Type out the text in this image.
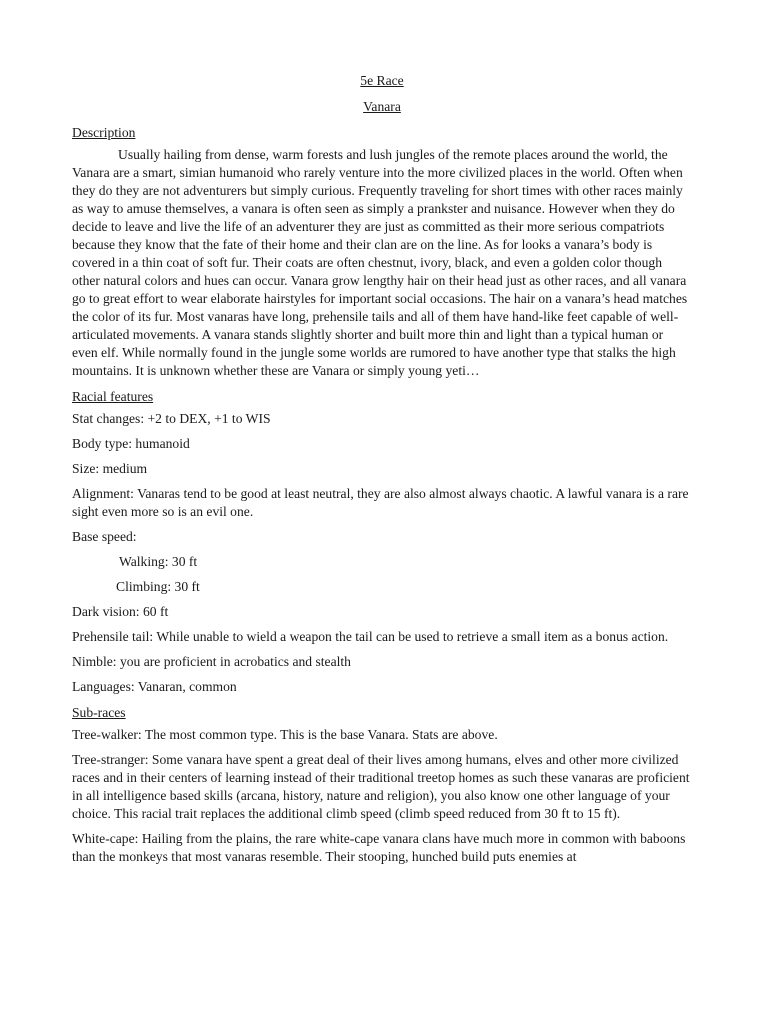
5e Race

Vanara

Description

Usually hailing from dense, warm forests and lush jungles of the remote places around the world, the Vanara are a smart, simian humanoid who rarely venture into the more civilized places in the world. Often when they do they are not adventurers but simply curious. Frequently traveling for short times with other races mainly as way to amuse themselves, a vanara is often seen as simply a prankster and nuisance. However when they do decide to leave and live the life of an adventurer they are just as committed as their more serious compatriots because they know that the fate of their home and their clan are on the line. As for looks a vanara’s body is covered in a thin coat of soft fur. Their coats are often chestnut, ivory, black, and even a golden color though other natural colors and hues can occur. Vanara grow lengthy hair on their head just as other races, and all vanara go to great effort to wear elaborate hairstyles for important social occasions. The hair on a vanara’s head matches the color of its fur. Most vanaras have long, prehensile tails and all of them have hand-like feet capable of well-articulated movements. A vanara stands slightly shorter and built more thin and light than a typical human or even elf. While normally found in the jungle some worlds are rumored to have another type that stalks the high mountains. It is unknown whether these are Vanara or simply young yeti…

Racial features

Stat changes: +2 to DEX, +1 to WIS

Body type: humanoid

Size: medium

Alignment: Vanaras tend to be good at least neutral, they are also almost always chaotic. A lawful vanara is a rare sight even more so is an evil one.

Base speed:

Walking: 30 ft

Climbing: 30 ft

Dark vision: 60 ft

Prehensile tail: While unable to wield a weapon the tail can be used to retrieve a small item as a bonus action.

Nimble: you are proficient in acrobatics and stealth

Languages: Vanaran, common

Sub-races

Tree-walker: The most common type. This is the base Vanara. Stats are above.

Tree-stranger: Some vanara have spent a great deal of their lives among humans, elves and other more civilized races and in their centers of learning instead of their traditional treetop homes as such these vanaras are proficient in all intelligence based skills (arcana, history, nature and religion), you also know one other language of your choice. This racial trait replaces the additional climb speed (climb speed reduced from 30 ft to 15 ft).

White-cape: Hailing from the plains, the rare white-cape vanara clans have much more in common with baboons than the monkeys that most vanaras resemble. Their stooping, hunched build puts enemies at
